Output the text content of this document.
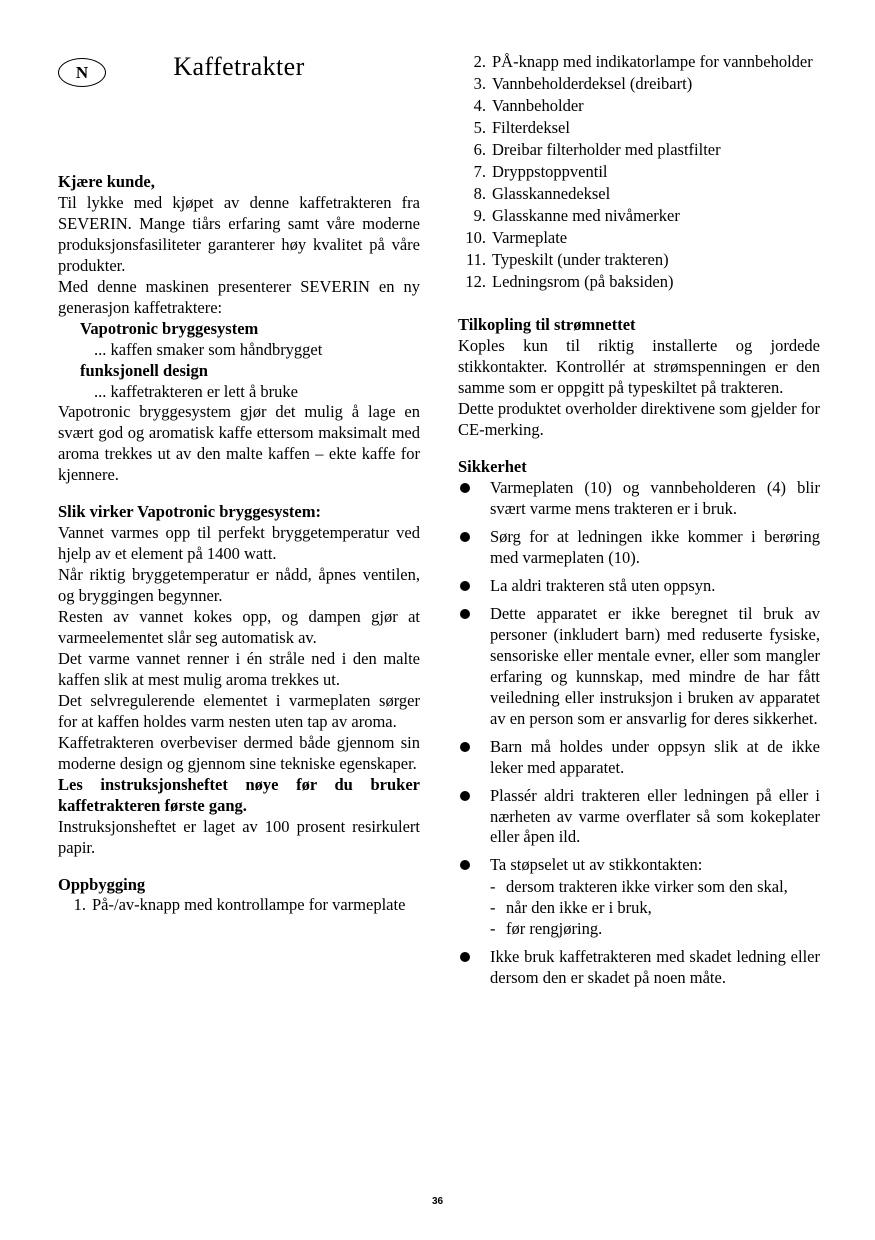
N	Kaffetrakter

Kjære kunde,

Til lykke med kjøpet av denne kaffetrakteren fra SEVERIN. Mange tiårs erfaring samt våre moderne produksjonsfasiliteter garanterer høy kvalitet på våre produkter.

Med denne maskinen presenterer SEVERIN en ny generasjon kaffetraktere:

Vapotronic bryggesystem

... kaffen smaker som håndbrygget

funksjonell design

... kaffetrakteren er lett å bruke

Vapotronic bryggesystem gjør det mulig å lage en svært god og aromatisk kaffe ettersom maksimalt med aroma trekkes ut av den malte kaffen – ekte kaffe for kjennere.

Slik virker Vapotronic bryggesystem:

Vannet varmes opp til perfekt bryggetemperatur ved hjelp av et element på 1400 watt.

Når riktig bryggetemperatur er nådd, åpnes ventilen, og bryggingen begynner.

Resten av vannet kokes opp, og dampen gjør at varmeelementet slår seg automatisk av.

Det varme vannet renner i én stråle ned i den malte kaffen slik at mest mulig aroma trekkes ut.

Det selvregulerende elementet i varmeplaten sørger for at kaffen holdes varm nesten uten tap av aroma.

Kaffetrakteren overbeviser dermed både gjennom sin moderne design og gjennom sine tekniske egenskaper.

Les instruksjonsheftet nøye før du bruker kaffetrakteren første gang.

Instruksjonsheftet er laget av 100 prosent resirkulert papir.

Oppbygging
1. På-/av-knapp med kontrollampe for varmeplate
2. PÅ-knapp med indikatorlampe for vannbeholder
3. Vannbeholderdeksel (dreibart)
4. Vannbeholder
5. Filterdeksel
6. Dreibar filterholder med plastfilter
7. Dryppstoppventil
8. Glasskannedeksel
9. Glasskanne med nivåmerker
10. Varmeplate
11. Typeskilt (under trakteren)
12. Ledningsrom (på baksiden)
Tilkopling til strømnettet

Koples kun til riktig installerte og jordede stikkontakter. Kontrollér at strømspenningen er den samme som er oppgitt på typeskiltet på trakteren.

Dette produktet overholder direktivene som gjelder for CE-merking.

Sikkerhet
Varmeplaten (10) og vannbeholderen (4) blir svært varme mens trakteren er i bruk.
Sørg for at ledningen ikke kommer i berøring med varmeplaten (10).
La aldri trakteren stå uten oppsyn.
Dette apparatet er ikke beregnet til bruk av personer (inkludert barn) med reduserte fysiske, sensoriske eller mentale evner, eller som mangler erfaring og kunnskap, med mindre de har fått veiledning eller instruksjon i bruken av apparatet av en person som er ansvarlig for deres sikkerhet.
Barn må holdes under oppsyn slik at de ikke leker med apparatet.
Plassér aldri trakteren eller ledningen på eller i nærheten av varme overflater så som kokeplater eller åpen ild.
Ta støpselet ut av stikkontakten:
- dersom trakteren ikke virker som den skal,
- når den ikke er i bruk,
- før rengjøring.
Ikke bruk kaffetrakteren med skadet ledning eller dersom den er skadet på noen måte.
36
